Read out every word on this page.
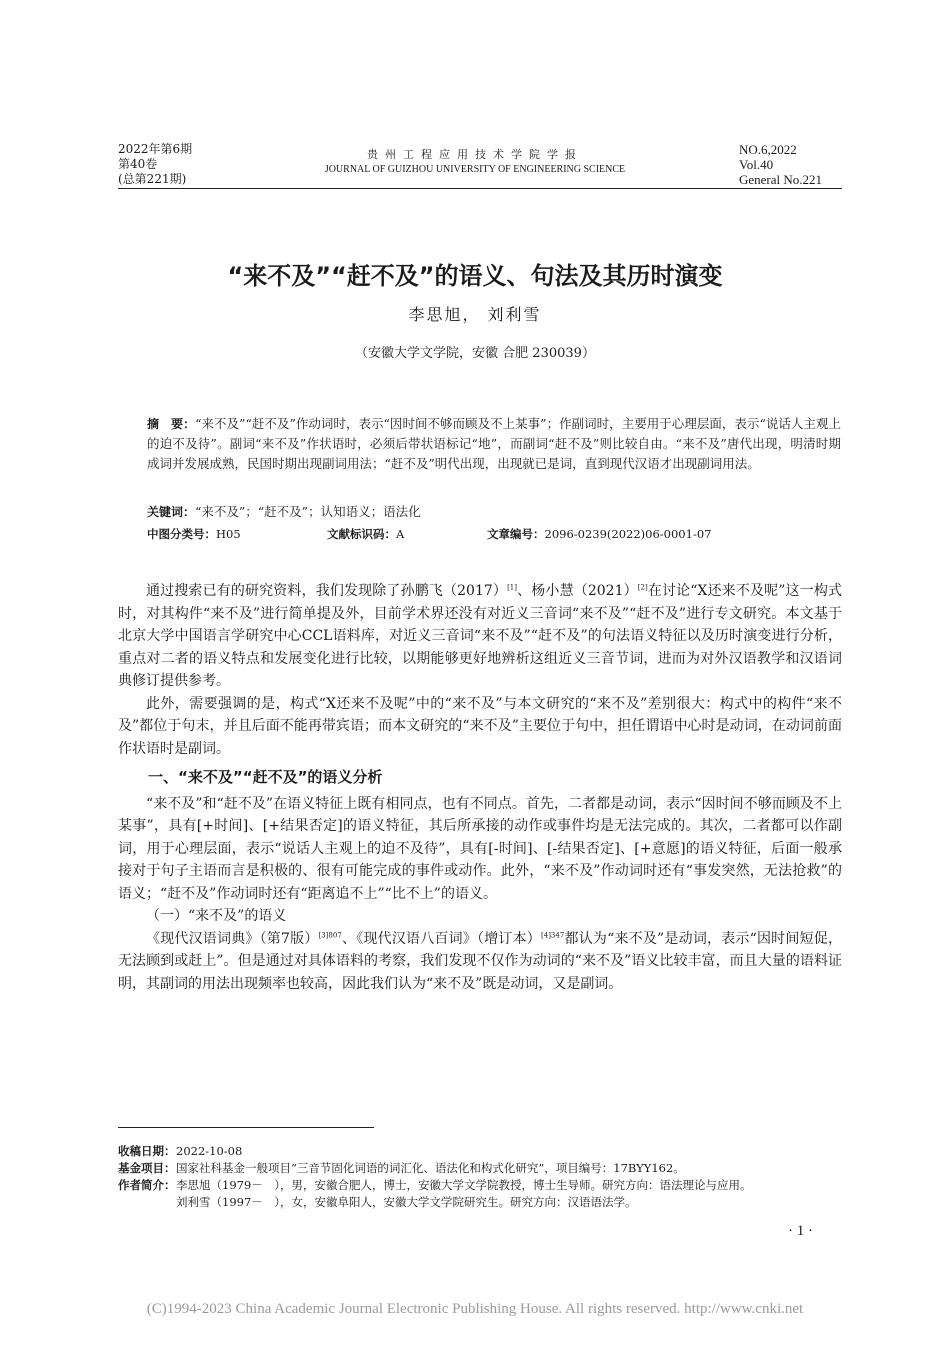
2022年第6期
第40卷
(总第221期)
贵州工程应用技术学院学报
JOURNAL OF GUIZHOU UNIVERSITY OF ENGINEERING SCIENCE
NO.6,2022
Vol.40
General No.221
“来不及”“赶不及”的语义、句法及其历时演变
李思旭， 刘利雪
（安徽大学文学院，安徽 合肥 230039）
摘　要：“来不及”“赶不及”作动词时，表示“因时间不够而顾及不上某事”；作副词时，主要用于心理层面，表示“说话人主观上的迫不及待”。副词“来不及”作状语时，必须后带状语标记“地”，而副词“赶不及”则比较自由。“来不及”唐代出现，明清时期成词并发展成熟，民国时期出现副词用法；“赶不及”明代出现，出现就已是词，直到现代汉语才出现副词用法。
关键词：“来不及”；“赶不及”；认知语义；语法化
中图分类号：H05	文献标识码：A	文章编号：2096-0239(2022)06-0001-07

通过搜索已有的研究资料，我们发现除了孙鹏飞（2017）[1]、杨小慧（2021）[2]在讨论“X还来不及呢”这一构式时，对其构件“来不及”进行简单提及外，目前学术界还没有对近义三音词“来不及”“赶不及”进行专文研究。本文基于北京大学中国语言学研究中心CCL语料库，对近义三音词“来不及”“赶不及”的句法语义特征以及历时演变进行分析，重点对二者的语义特点和发展变化进行比较，以期能够更好地辨析这组近义三音节词，进而为对外汉语教学和汉语词典修订提供参考。

此外，需要强调的是，构式“X还来不及呢”中的“来不及”与本文研究的“来不及”差别很大：构式中的构件“来不及”都位于句末，并且后面不能再带宾语；而本文研究的“来不及”主要位于句中，担任谓语中心时是动词，在动词前面作状语时是副词。

一、“来不及”“赶不及”的语义分析

“来不及”和“赶不及”在语义特征上既有相同点，也有不同点。首先，二者都是动词，表示“因时间不够而顾及不上某事”，具有[+时间]、[+结果否定]的语义特征，其后所承接的动作或事件均是无法完成的。其次，二者都可以作副词，用于心理层面，表示“说话人主观上的迫不及待”，具有[-时间]、[-结果否定]、[+意愿]的语义特征，后面一般承接对于句子主语而言是积极的、很有可能完成的事件或动作。此外，“来不及”作动词时还有“事发突然，无法抢救”的语义；“赶不及”作动词时还有“距离追不上”“比不上”的语义。

（一）“来不及”的语义

《现代汉语词典》（第7版）$^{[3]807}$、《现代汉语八百词》（增订本）$^{[4]347}$都认为“来不及”是动词，表示“因时间短促，无法顾到或赶上”。但是通过对具体语料的考察，我们发现不仅作为动词的“来不及”语义比较丰富，而且大量的语料证明，其副词的用法出现频率也较高，因此我们认为“来不及”既是动词，又是副词。

收稿日期： 2022-10-08
基金项目： 国家社科基金一般项目“三音节固化词语的词汇化、语法化和构式化研究”，项目编号：17BYY162。
作者简介： 李思旭（1979－　），男，安徽合肥人，博士，安徽大学文学院教授，博士生导师。研究方向：语法理论与应用。
刘利雪（1997－　），女，安徽阜阳人，安徽大学文学院研究生。研究方向：汉语语法学。
· 1 ·
(C)1994-2023 China Academic Journal Electronic Publishing House. All rights reserved. http://www.cnki.net
